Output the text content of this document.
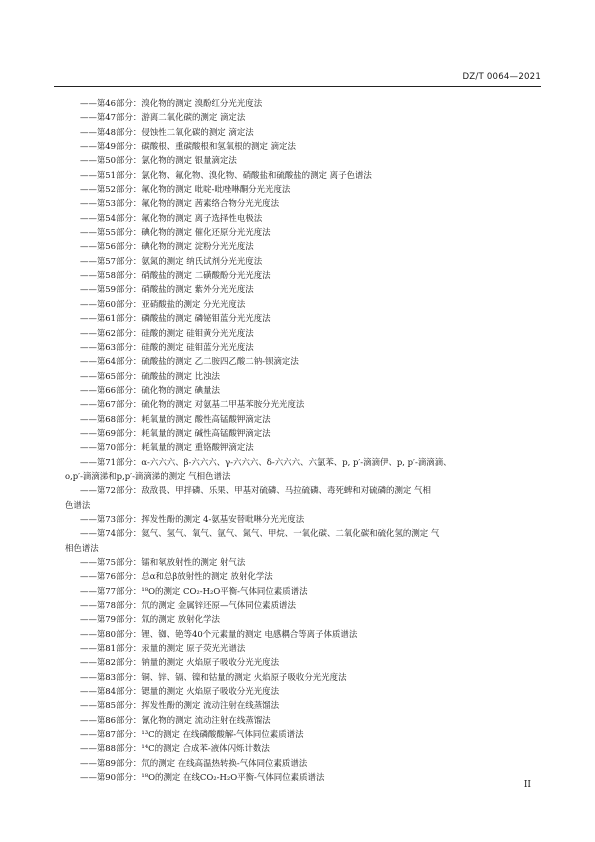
DZ/T 0064—2021
——第46部分：溴化物的测定 溴酚红分光光度法
——第47部分：游离二氧化碳的测定 滴定法
——第48部分：侵蚀性二氧化碳的测定 滴定法
——第49部分：碳酸根、重碳酸根和氢氧根的测定 滴定法
——第50部分：氯化物的测定 银量滴定法
——第51部分：氯化物、氟化物、溴化物、硝酸盐和硫酸盐的测定 离子色谱法
——第52部分：氟化物的测定 吡啶-吡唑啉酮分光光度法
——第53部分：氟化物的测定 茜素络合物分光光度法
——第54部分：氟化物的测定 离子选择性电极法
——第55部分：碘化物的测定 催化还原分光光度法
——第56部分：碘化物的测定 淀粉分光光度法
——第57部分：氨氮的测定 纳氏试剂分光光度法
——第58部分：硝酸盐的测定 二磺酸酚分光光度法
——第59部分：硝酸盐的测定 紫外分光光度法
——第60部分：亚硝酸盐的测定 分光光度法
——第61部分：磷酸盐的测定 磷铋钼蓝分光光度法
——第62部分：硅酸的测定 硅钼黄分光光度法
——第63部分：硅酸的测定 硅钼蓝分光光度法
——第64部分：硫酸盐的测定 乙二胺四乙酸二钠-钡滴定法
——第65部分：硫酸盐的测定 比浊法
——第66部分：硫化物的测定 碘量法
——第67部分：硫化物的测定 对氨基二甲基苯胺分光光度法
——第68部分：耗氧量的测定 酸性高锰酸钾滴定法
——第69部分：耗氧量的测定 碱性高锰酸钾滴定法
——第70部分：耗氧量的测定 重铬酸钾滴定法
——第71部分：α-六六六、β-六六六、γ-六六六、δ-六六六、六氯苯、p, p′-滴滴伊、p, p′-滴滴滴、
o,p′-滴滴涕和p,p′-滴滴涕的测定 气相色谱法
——第72部分：敌敌畏、甲拌磷、乐果、甲基对硫磷、马拉硫磷、毒死蜱和对硫磷的测定 气相
色谱法
——第73部分：挥发性酚的测定 4-氨基安替吡啉分光光度法
——第74部分：氦气、氢气、氧气、氩气、氮气、甲烷、一氧化碳、二氧化碳和硫化氢的测定 气
相色谱法
——第75部分：镭和氡放射性的测定 射气法
——第76部分：总α和总β放射性的测定 放射化学法
——第77部分：¹⁸O的测定 CO₂-H₂O平衡-气体同位素质谱法
——第78部分：氘的测定 金属锌还原—气体同位素质谱法
——第79部分：氚的测定 放射化学法
——第80部分：锂、铷、铯等40个元素量的测定 电感耦合等离子体质谱法
——第81部分：汞量的测定 原子荧光光谱法
——第82部分：钠量的测定 火焰原子吸收分光光度法
——第83部分：铜、锌、镉、镍和钴量的测定 火焰原子吸收分光光度法
——第84部分：锶量的测定 火焰原子吸收分光光度法
——第85部分：挥发性酚的测定 流动注射在线蒸馏法
——第86部分：氰化物的测定 流动注射在线蒸馏法
——第87部分：¹³C的测定 在线磷酸酸解-气体同位素质谱法
——第88部分：¹⁴C的测定 合成苯-液体闪烁计数法
——第89部分：氘的测定 在线高温热转换-气体同位素质谱法
——第90部分：¹⁸O的测定 在线CO₂-H₂O平衡-气体同位素质谱法
II
